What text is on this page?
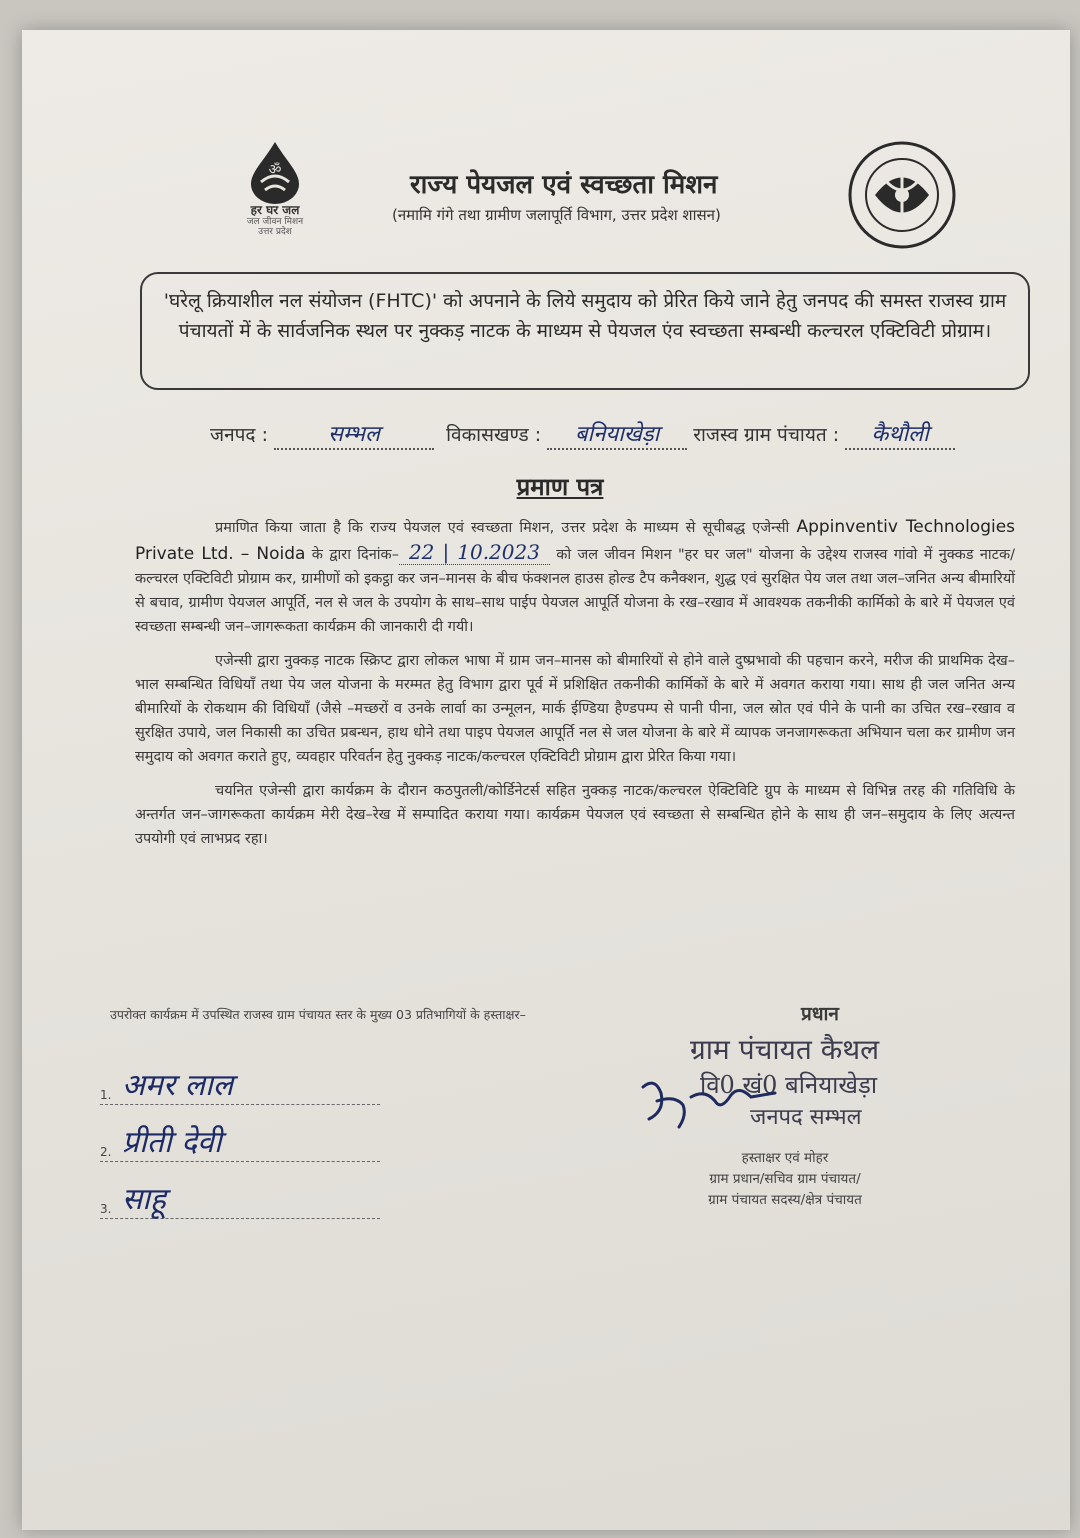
ॐ
हर घर जल
जल जीवन मिशन
उत्तर प्रदेश
राज्य पेयजल एवं स्वच्छता मिशन
(नमामि गंगे तथा ग्रामीण जलापूर्ति विभाग, उत्तर प्रदेश शासन)
'घरेलू क्रियाशील नल संयोजन (FHTC)' को अपनाने के लिये समुदाय को प्रेरित किये जाने हेतु जनपद की समस्त राजस्व ग्राम पंचायतों में के सार्वजनिक स्थल पर नुक्कड़ नाटक के माध्यम से पेयजल एंव स्वच्छता सम्बन्धी कल्चरल एक्टिविटी प्रोग्राम।
जनपद :	सम्भल	विकासखण्ड : बनियाखेड़ा राजस्व ग्राम पंचायत : कैथौली
प्रमाण पत्र

प्रमाणित किया जाता है कि राज्य पेयजल एवं स्वच्छता मिशन, उत्तर प्रदेश के माध्यम से सूचीबद्ध एजेन्सी Appinventiv Technologies Private Ltd. – Noida के द्वारा दिनांक– 22 | 10.2023 को जल जीवन मिशन "हर घर जल" योजना के उद्देश्य राजस्व गांवो में नुक्कड नाटक/कल्चरल एक्टिविटी प्रोग्राम कर, ग्रामीणों को इकट्ठा कर जन–मानस के बीच फंक्शनल हाउस होल्ड टैप कनैक्शन, शुद्ध एवं सुरक्षित पेय जल तथा जल–जनित अन्य बीमारियों से बचाव, ग्रामीण पेयजल आपूर्ति, नल से जल के उपयोग के साथ–साथ पाईप पेयजल आपूर्ति योजना के रख–रखाव में आवश्यक तकनीकी कार्मिको के बारे में पेयजल एवं स्वच्छता सम्बन्धी जन–जागरूकता कार्यक्रम की जानकारी दी गयी।

एजेन्सी द्वारा नुक्कड़ नाटक स्क्रिप्ट द्वारा लोकल भाषा में ग्राम जन–मानस को बीमारियों से होने वाले दुष्प्रभावो की पहचान करने, मरीज की प्राथमिक देख–भाल सम्बन्धित विधियाँ तथा पेय जल योजना के मरम्मत हेतु विभाग द्वारा पूर्व में प्रशिक्षित तकनीकी कार्मिकों के बारे में अवगत कराया गया। साथ ही जल जनित अन्य बीमारियों के रोकथाम की विधियाँ (जैसे –मच्छरों व उनके लार्वा का उन्मूलन, मार्क ईण्डिया हैण्डपम्प से पानी पीना, जल स्रोत एवं पीने के पानी का उचित रख–रखाव व सुरक्षित उपाये, जल निकासी का उचित प्रबन्धन, हाथ धोने तथा पाइप पेयजल आपूर्ति नल से जल योजना के बारे में व्यापक जनजागरूकता अभियान चला कर ग्रामीण जन समुदाय को अवगत कराते हुए, व्यवहार परिवर्तन हेतु नुक्कड़ नाटक/कल्चरल एक्टिविटी प्रोग्राम द्वारा प्रेरित किया गया।

चयनित एजेन्सी द्वारा कार्यक्रम के दौरान कठपुतली/कोर्डिनेटर्स सहित नुक्कड़ नाटक/कल्चरल ऐक्टिविटि ग्रुप के माध्यम से विभिन्न तरह की गतिविधि के अन्तर्गत जन–जागरूकता कार्यक्रम मेरी देख–रेख में सम्पादित कराया गया। कार्यक्रम पेयजल एवं स्वच्छता से सम्बन्धित होने के साथ ही जन–समुदाय के लिए अत्यन्त उपयोगी एवं लाभप्रद रहा।

उपरोक्त कार्यक्रम में उपस्थित राजस्व ग्राम पंचायत स्तर के मुख्य 03 प्रतिभागियों के हस्ताक्षर–
1. अमर लाल
2. प्रीती देवी
3. साहू
प्रधान
ग्राम पंचायत कैथल
वि0 खं0 बनियाखेड़ा
जनपद सम्भल
हस्ताक्षर एवं मोहर
ग्राम प्रधान/सचिव ग्राम पंचायत/
ग्राम पंचायत सदस्य/क्षेत्र पंचायत
